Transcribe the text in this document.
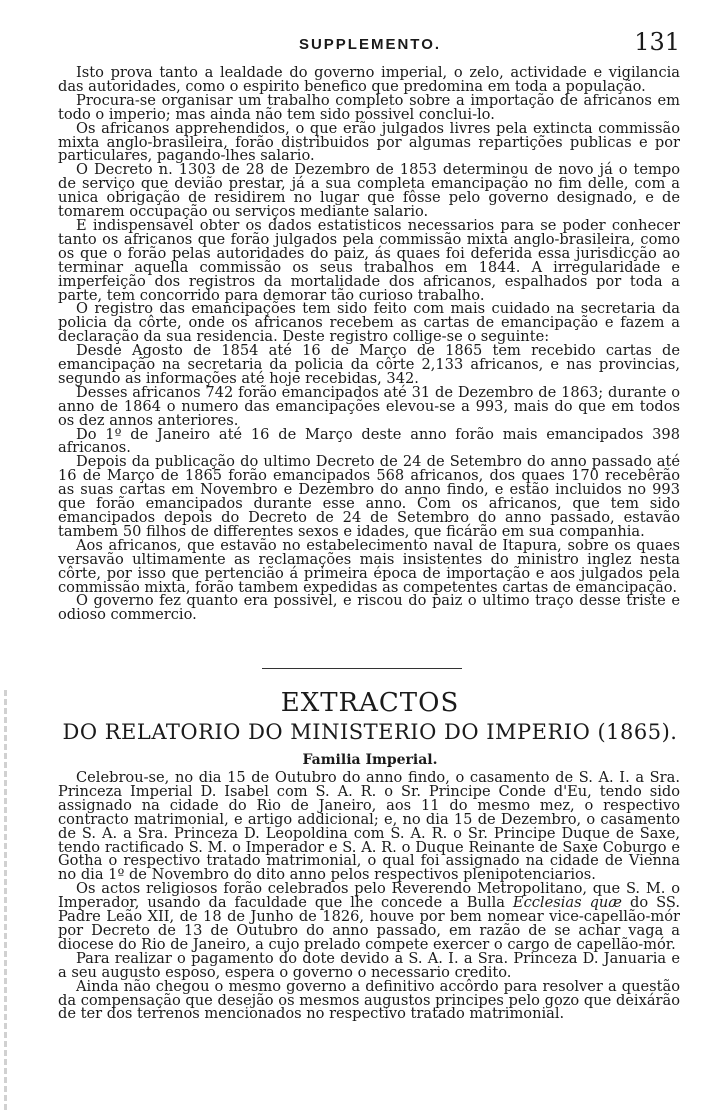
SUPPLEMENTO.	131

Isto prova tanto a lealdade do governo imperial, o zelo, actividade e vigilancia das autoridades, como o espirito benefico que predomina em toda a população.

Procura-se organisar um trabalho completo sobre a importação de africanos em todo o imperio; mas ainda não tem sido possivel conclui-lo.

Os africanos apprehendidos, o que erão julgados livres pela extincta commissão mixta anglo-brasileira, forão distribuidos por algumas repartições publicas e por particulares, pagando-lhes salario.

O Decreto n. 1303 de 28 de Dezembro de 1853 determinou de novo já o tempo de serviço que devião prestar, já a sua completa emancipação no fim delle, com a unica obrigação de residirem no lugar que fôsse pelo governo designado, e de tomarem occupação ou serviços mediante salario.

E indispensavel obter os dados estatisticos necessarios para se poder conhecer tanto os africanos que forão julgados pela commissão mixta anglo-brasileira, como os que o forão pelas autoridades do paiz, ás quaes foi deferida essa jurisdicção ao terminar aquella commissão os seus trabalhos em 1844. A irregularidade e imperfeição dos registros da mortalidade dos africanos, espalhados por toda a parte, tem concorrido para demorar tão curioso trabalho.

O registro das emancipações tem sido feito com mais cuidado na secretaria da policia da côrte, onde os africanos recebem as cartas de emancipação e fazem a declaração da sua residencia. Deste registro collige-se o seguinte:

Desde Agosto de 1854 até 16 de Março de 1865 tem recebido cartas de emancipação na secretaria da policia da côrte 2,133 africanos, e nas provincias, segundo as informações até hoje recebidas, 342.

Desses africanos 742 forão emancipados até 31 de Dezembro de 1863; durante o anno de 1864 o numero das emancipações elevou-se a 993, mais do que em todos os dez annos anteriores.

Do 1º de Janeiro até 16 de Março deste anno forão mais emancipados 398 africanos.

Depois da publicação do ultimo Decreto de 24 de Setembro do anno passado até 16 de Março de 1865 forão emancipados 568 africanos, dos quaes 170 recebêrão as suas cartas em Novembro e Dezembro do anno findo, e estão incluidos no 993 que forão emancipados durante esse anno. Com os africanos, que tem sido emancipados depois do Decreto de 24 de Setembro do anno passado, estavão tambem 50 filhos de differentes sexos e idades, que ficárão em sua companhia.

Aos africanos, que estavão no estabelecimento naval de Itapura, sobre os quaes versavão ultimamente as reclamações mais insistentes do ministro inglez nesta côrte, por isso que pertencião á primeira época de importação e aos julgados pela commissão mixta, forão tambem expedidas as competentes cartas de emancipação.

O governo fez quanto era possivel, e riscou do paiz o ultimo traço desse triste e odioso commercio.

EXTRACTOS
DO RELATORIO DO MINISTERIO DO IMPERIO (1865).
Familia Imperial.

Celebrou-se, no dia 15 de Outubro do anno findo, o casamento de S. A. I. a Sra. Princeza Imperial D. Isabel com S. A. R. o Sr. Principe Conde d'Eu, tendo sido assignado na cidade do Rio de Janeiro, aos 11 do mesmo mez, o respectivo contracto matrimonial, e artigo addicional; e, no dia 15 de Dezembro, o casamento de S. A. a Sra. Princeza D. Leopoldina com S. A. R. o Sr. Principe Duque de Saxe, tendo ractificado S. M. o Imperador e S. A. R. o Duque Reinante de Saxe Coburgo e Gotha o respectivo tratado matrimonial, o qual foi assignado na cidade de Vienna no dia 1º de Novembro do dito anno pelos respectivos plenipotenciarios.

Os actos religiosos forão celebrados pelo Reverendo Metropolitano, que S. M. o Imperador, usando da faculdade que lhe concede a Bulla Ecclesias quæ do SS. Padre Leão XII, de 18 de Junho de 1826, houve por bem nomear vice-capellão-mór por Decreto de 13 de Outubro do anno passado, em razão de se achar vaga a diocese do Rio de Janeiro, a cujo prelado compete exercer o cargo de capellão-mór.

Para realizar o pagamento do dote devido a S. A. I. a Sra. Princeza D. Januaria e a seu augusto esposo, espera o governo o necessario credito.

Ainda não chegou o mesmo governo a definitivo accôrdo para resolver a questão da compensação que desejão os mesmos augustos principes pelo gozo que deixárão de ter dos terrenos mencionados no respectivo tratado matrimonial.
